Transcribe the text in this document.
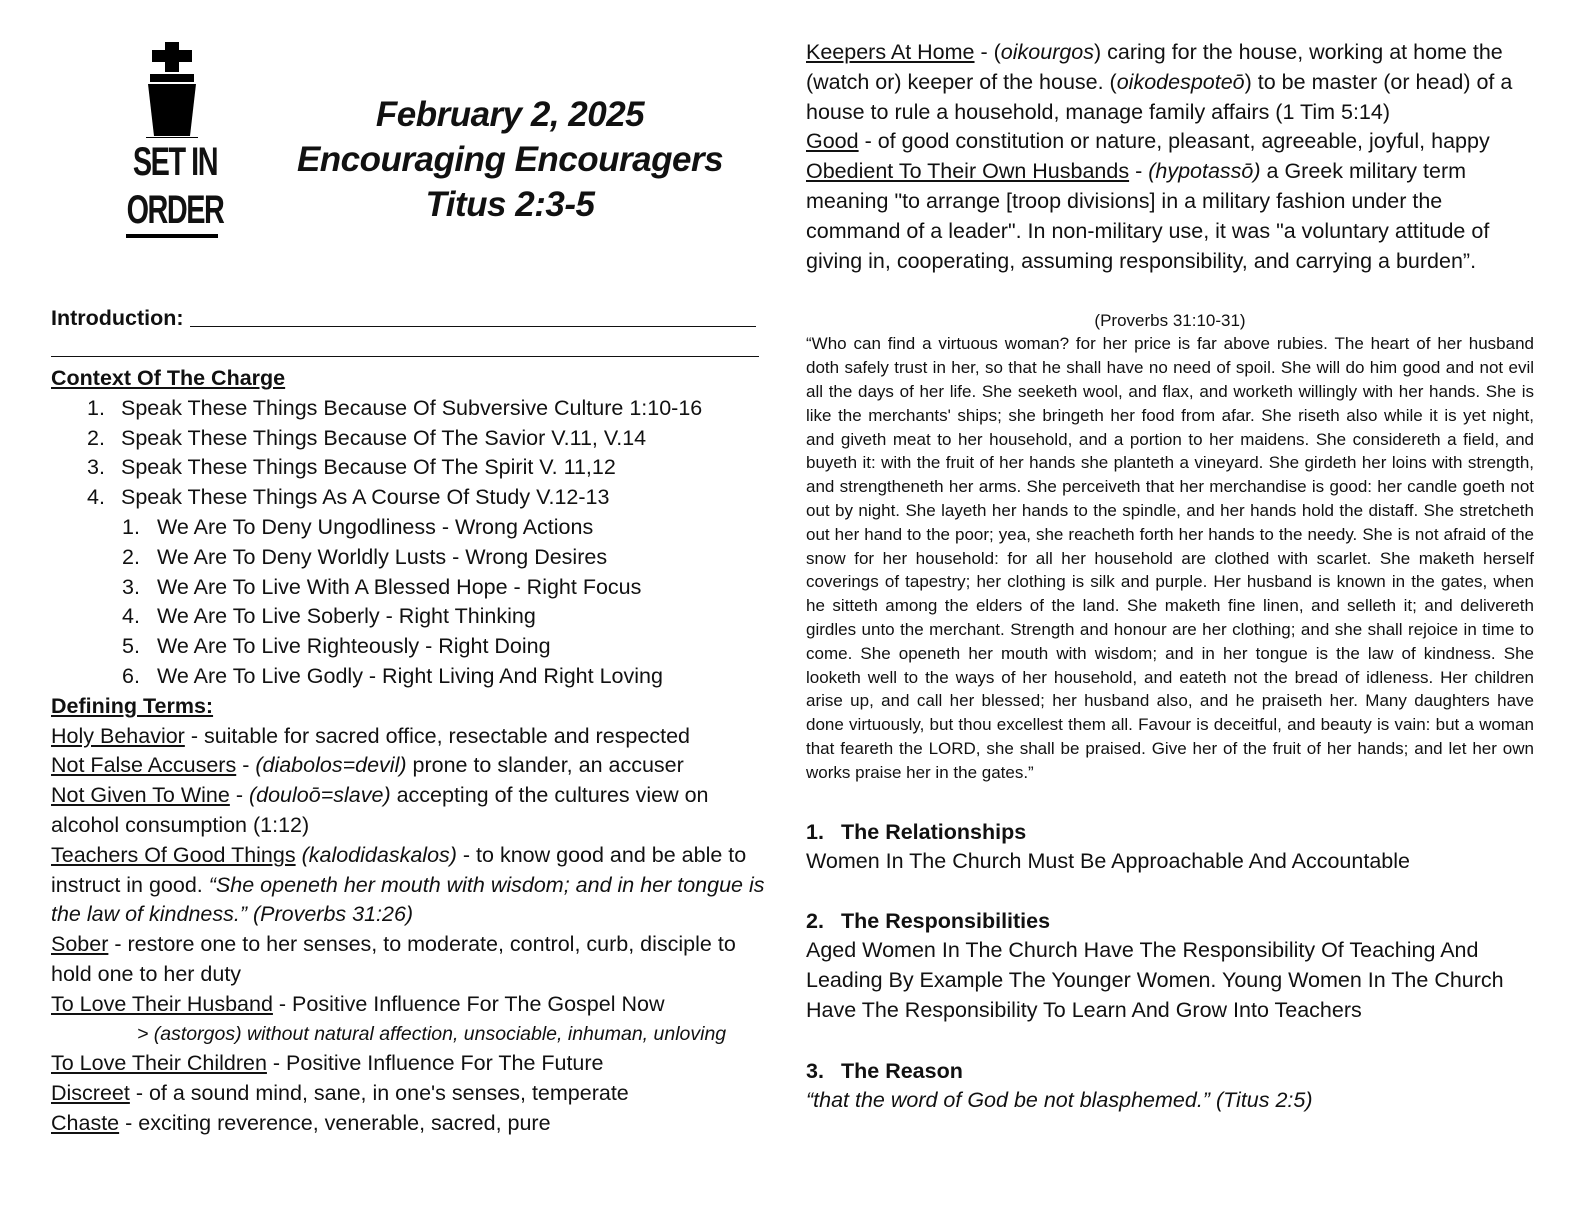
SET IN ORDER
February 2, 2025
Encouraging Encouragers
Titus 2:3-5
Introduction:
Context Of The Charge
1. Speak These Things Because Of Subversive Culture 1:10-16
2. Speak These Things Because Of The Savior V.11, V.14
3. Speak These Things Because Of The Spirit V. 11,12
4. Speak These Things As A Course Of Study V.12-13
1. We Are To Deny Ungodliness - Wrong Actions
2. We Are To Deny Worldly Lusts - Wrong Desires
3. We Are To Live With A Blessed Hope - Right Focus
4. We Are To Live Soberly - Right Thinking
5. We Are To Live Righteously - Right Doing
6. We Are To Live Godly - Right Living And Right Loving
Defining Terms:
Holy Behavior - suitable for sacred office, resectable and respected
Not False Accusers - (diabolos=devil) prone to slander, an accuser
Not Given To Wine - (douloō=slave) accepting of the cultures view on alcohol consumption (1:12)
Teachers Of Good Things (kalodidaskalos) - to know good and be able to instruct in good. “She openeth her mouth with wisdom; and in her tongue is the law of kindness.” (Proverbs 31:26)
Sober - restore one to her senses, to moderate, control, curb, disciple to hold one to her duty
To Love Their Husband - Positive Influence For The Gospel Now
> (astorgos) without natural affection, unsociable, inhuman, unloving
To Love Their Children - Positive Influence For The Future
Discreet - of a sound mind, sane, in one's senses, temperate
Chaste - exciting reverence, venerable, sacred, pure
Keepers At Home - (oikourgos) caring for the house, working at home the (watch or) keeper of the house. (oikodespoteō) to be master (or head) of a house to rule a household, manage family affairs (1 Tim 5:14)
Good - of good constitution or nature, pleasant, agreeable, joyful, happy
Obedient To Their Own Husbands - (hypotassō) a Greek military term meaning "to arrange [troop divisions] in a military fashion under the command of a leader". In non-military use, it was "a voluntary attitude of giving in, cooperating, assuming responsibility, and carrying a burden”.
(Proverbs 31:10-31)
“Who can find a virtuous woman? for her price is far above rubies. The heart of her husband doth safely trust in her, so that he shall have no need of spoil. She will do him good and not evil all the days of her life. She seeketh wool, and flax, and worketh willingly with her hands. She is like the merchants' ships; she bringeth her food from afar. She riseth also while it is yet night, and giveth meat to her household, and a portion to her maidens. She considereth a field, and buyeth it: with the fruit of her hands she planteth a vineyard. She girdeth her loins with strength, and strengtheneth her arms. She perceiveth that her merchandise is good: her candle goeth not out by night. She layeth her hands to the spindle, and her hands hold the distaff. She stretcheth out her hand to the poor; yea, she reacheth forth her hands to the needy. She is not afraid of the snow for her household: for all her household are clothed with scarlet. She maketh herself coverings of tapestry; her clothing is silk and purple. Her husband is known in the gates, when he sitteth among the elders of the land. She maketh fine linen, and selleth it; and delivereth girdles unto the merchant. Strength and honour are her clothing; and she shall rejoice in time to come. She openeth her mouth with wisdom; and in her tongue is the law of kindness. She looketh well to the ways of her household, and eateth not the bread of idleness. Her children arise up, and call her blessed; her husband also, and he praiseth her. Many daughters have done virtuously, but thou excellest them all. Favour is deceitful, and beauty is vain: but a woman that feareth the LORD, she shall be praised. Give her of the fruit of her hands; and let her own works praise her in the gates.”
1. The Relationships
Women In The Church Must Be Approachable And Accountable
2. The Responsibilities
Aged Women In The Church Have The Responsibility Of Teaching And Leading By Example The Younger Women. Young Women In The Church Have The Responsibility To Learn And Grow Into Teachers
3. The Reason
“that the word of God be not blasphemed.” (Titus 2:5)
